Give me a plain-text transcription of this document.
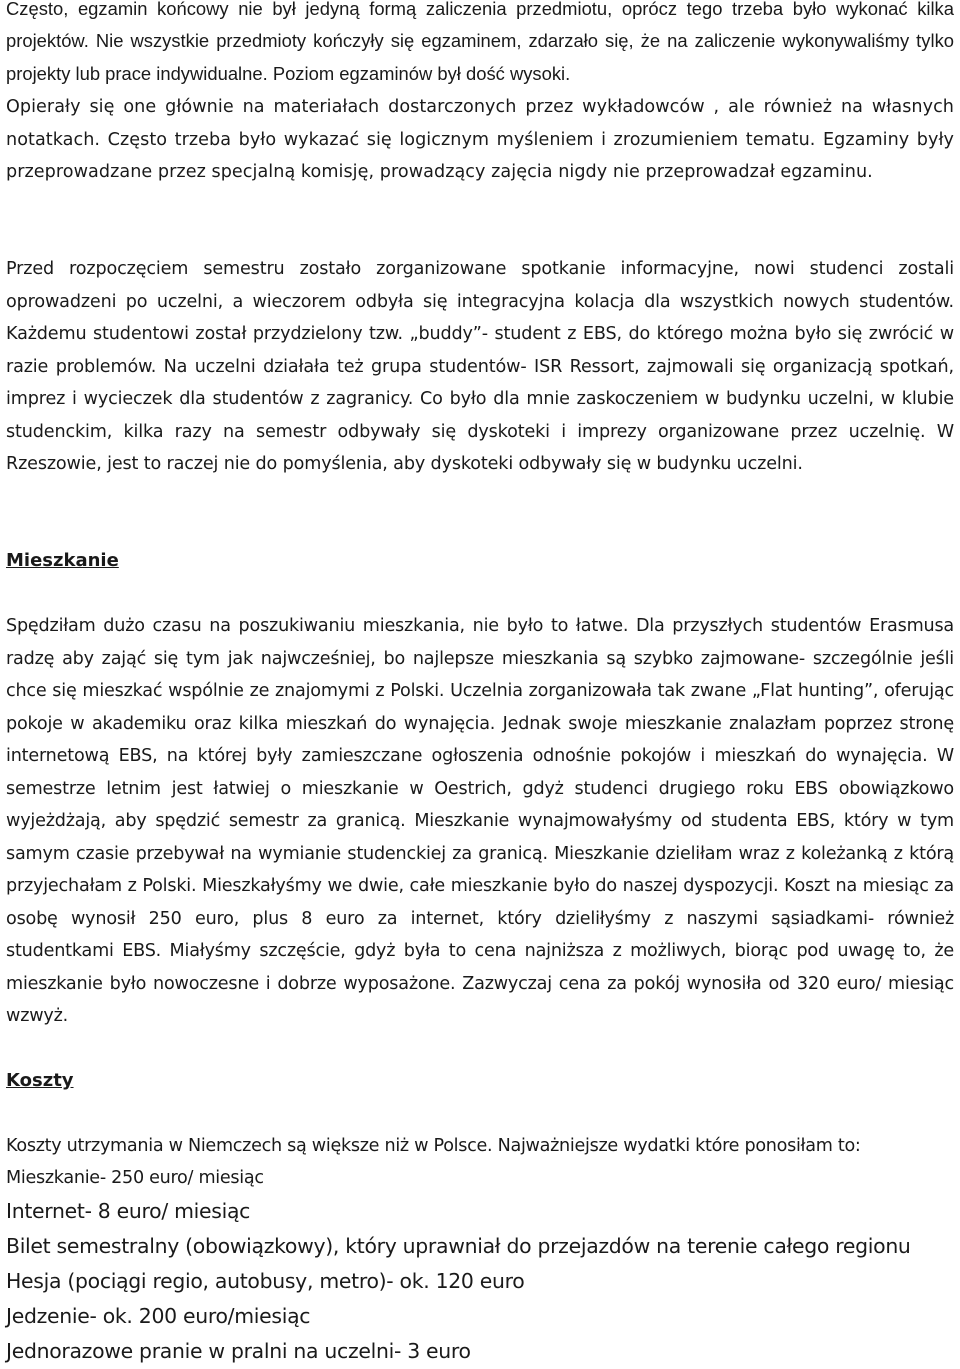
Często, egzamin końcowy nie był jedyną formą zaliczenia przedmiotu, oprócz tego trzeba było wykonać kilka projektów. Nie wszystkie przedmioty kończyły się egzaminem, zdarzało się, że na zaliczenie wykonywaliśmy tylko projekty lub prace indywidualne. Poziom egzaminów był dość wysoki.

Opierały się one głównie na materiałach dostarczonych przez wykładowców , ale również na własnych notatkach. Często trzeba było wykazać się logicznym myśleniem i zrozumieniem tematu. Egzaminy były przeprowadzane przez specjalną komisję, prowadzący zajęcia nigdy nie przeprowadzał egzaminu.

Przed rozpoczęciem semestru zostało zorganizowane spotkanie informacyjne, nowi studenci zostali oprowadzeni po uczelni, a wieczorem odbyła się integracyjna kolacja dla wszystkich nowych studentów. Każdemu studentowi został przydzielony tzw. „buddy”- student z EBS, do którego można było się zwrócić w razie problemów. Na uczelni działała też grupa studentów- ISR Ressort, zajmowali się organizacją spotkań, imprez i wycieczek dla studentów z zagranicy. Co było dla mnie zaskoczeniem w budynku uczelni, w klubie studenckim, kilka razy na semestr odbywały się dyskoteki i imprezy organizowane przez uczelnię. W Rzeszowie, jest to raczej nie do pomyślenia, aby dyskoteki odbywały się w budynku uczelni.

Mieszkanie

Spędziłam dużo czasu na poszukiwaniu mieszkania, nie było to łatwe. Dla przyszłych studentów Erasmusa radzę aby zająć się tym jak najwcześniej, bo najlepsze mieszkania są szybko zajmowane- szczególnie jeśli chce się mieszkać wspólnie ze znajomymi z Polski. Uczelnia zorganizowała tak zwane „Flat hunting”, oferując pokoje w akademiku oraz kilka mieszkań do wynajęcia. Jednak swoje mieszkanie znalazłam poprzez stronę internetową EBS, na której były zamieszczane ogłoszenia odnośnie pokojów i mieszkań do wynajęcia. W semestrze letnim jest łatwiej o mieszkanie w Oestrich, gdyż studenci drugiego roku EBS obowiązkowo wyjeżdżają, aby spędzić semestr za granicą. Mieszkanie wynajmowałyśmy od studenta EBS, który w tym samym czasie przebywał na wymianie studenckiej za granicą. Mieszkanie dzieliłam wraz z koleżanką z którą przyjechałam z Polski. Mieszkałyśmy we dwie, całe mieszkanie było do naszej dyspozycji. Koszt na miesiąc za osobę wynosił 250 euro, plus 8 euro za internet, który dzieliłyśmy z naszymi sąsiadkami- również studentkami EBS. Miałyśmy szczęście, gdyż była to cena najniższa z możliwych, biorąc pod uwagę to, że mieszkanie było nowoczesne i dobrze wyposażone. Zazwyczaj cena za pokój wynosiła od 320 euro/ miesiąc wzwyż.

Koszty

Koszty utrzymania w Niemczech są większe niż w Polsce. Najważniejsze wydatki które ponosiłam to:

Mieszkanie- 250 euro/ miesiąc

Internet- 8 euro/ miesiąc

Bilet semestralny (obowiązkowy), który uprawniał do przejazdów na terenie całego regionu

Hesja (pociągi regio, autobusy, metro)- ok. 120 euro

Jedzenie- ok. 200 euro/miesiąc

Jednorazowe pranie w pralni na uczelni- 3 euro
